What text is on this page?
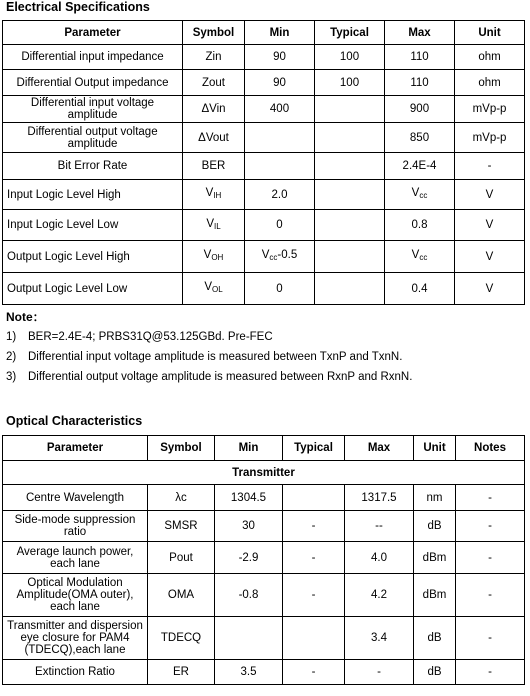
Electrical Specifications
Parameter	Symbol	Min	Typical	Max	Unit
Differential input impedance	Zin	90	100	110	ohm
Differential Output impedance	Zout	90	100	110	ohm
Differential input voltage amplitude	ΔVin	400		900	mVp-p
Differential output voltage amplitude	ΔVout			850	mVp-p
Bit Error Rate	BER			2.4E-4	-
Input Logic Level High	$V_{IH}$	2.0		$V_{cc}$	V
Input Logic Level Low	$V_{IL}$	0		0.8	V
Output Logic Level High	$V_{OH}$	$V_{cc}-0.5$		$V_{cc}$	V
Output Logic Level Low	$V_{OL}$	0		0.4	V
Note：
1) BER=2.4E-4; PRBS31Q@53.125GBd. Pre-FEC
2) Differential input voltage amplitude is measured between TxnP and TxnN.
3) Differential output voltage amplitude is measured between RxnP and RxnN.
Optical Characteristics
Parameter	Symbol	Min	Typical	Max	Unit	Notes
Transmitter						
Centre Wavelength	λc	1304.5		1317.5	nm	-
Side-mode suppression ratio	SMSR	30	-	--	dB	-
Average launch power, each lane	Pout	-2.9	-	4.0	dBm	-
Optical Modulation Amplitude(OMA outer), each lane	OMA	-0.8	-	4.2	dBm	-
Transmitter and dispersion eye closure for PAM4 (TDECQ),each lane	TDECQ			3.4	dB	-
Extinction Ratio	ER	3.5	-	-	dB	-
